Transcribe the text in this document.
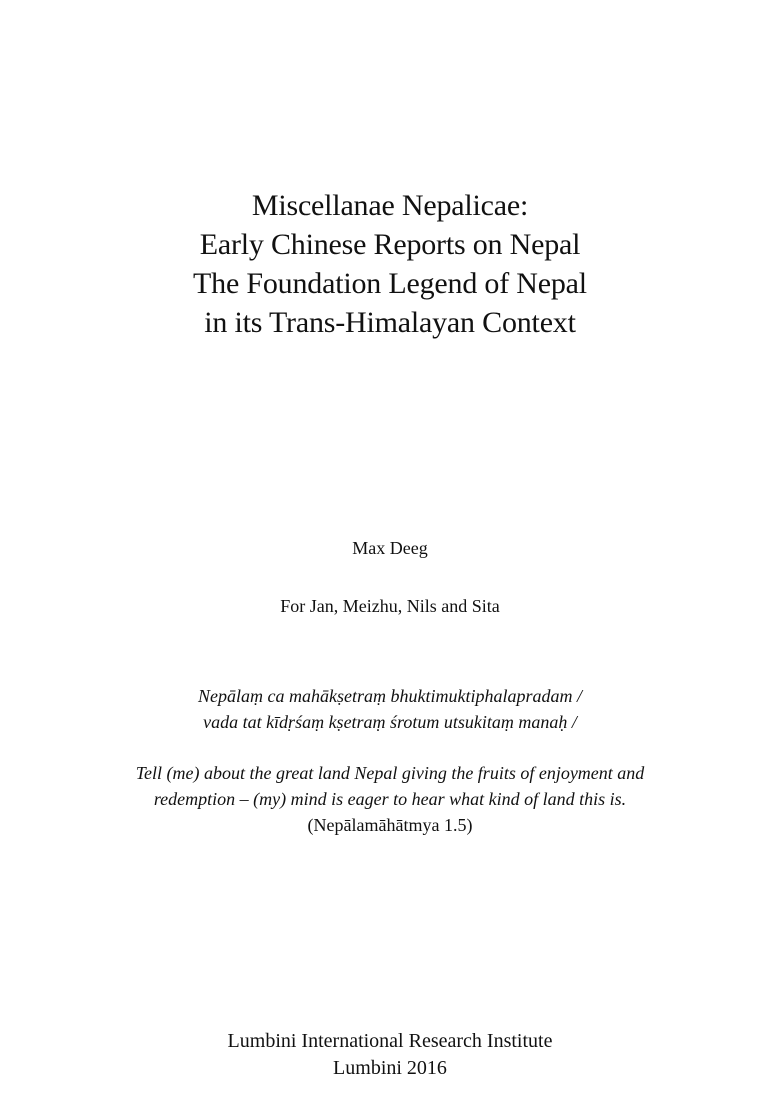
Miscellanae Nepalicae:
Early Chinese Reports on Nepal
The Foundation Legend of Nepal
in its Trans-Himalayan Context
Max Deeg
For Jan, Meizhu, Nils and Sita
Nepālaṃ ca mahākṣetraṃ bhuktimuktiphalapradam /
vada tat kīdṛśaṃ kṣetraṃ śrotum utsukitaṃ manaḥ /
Tell (me) about the great land Nepal giving the fruits of enjoyment and
redemption – (my) mind is eager to hear what kind of land this is.
(Nepālamāhātmya 1.5)
Lumbini International Research Institute
Lumbini 2016
